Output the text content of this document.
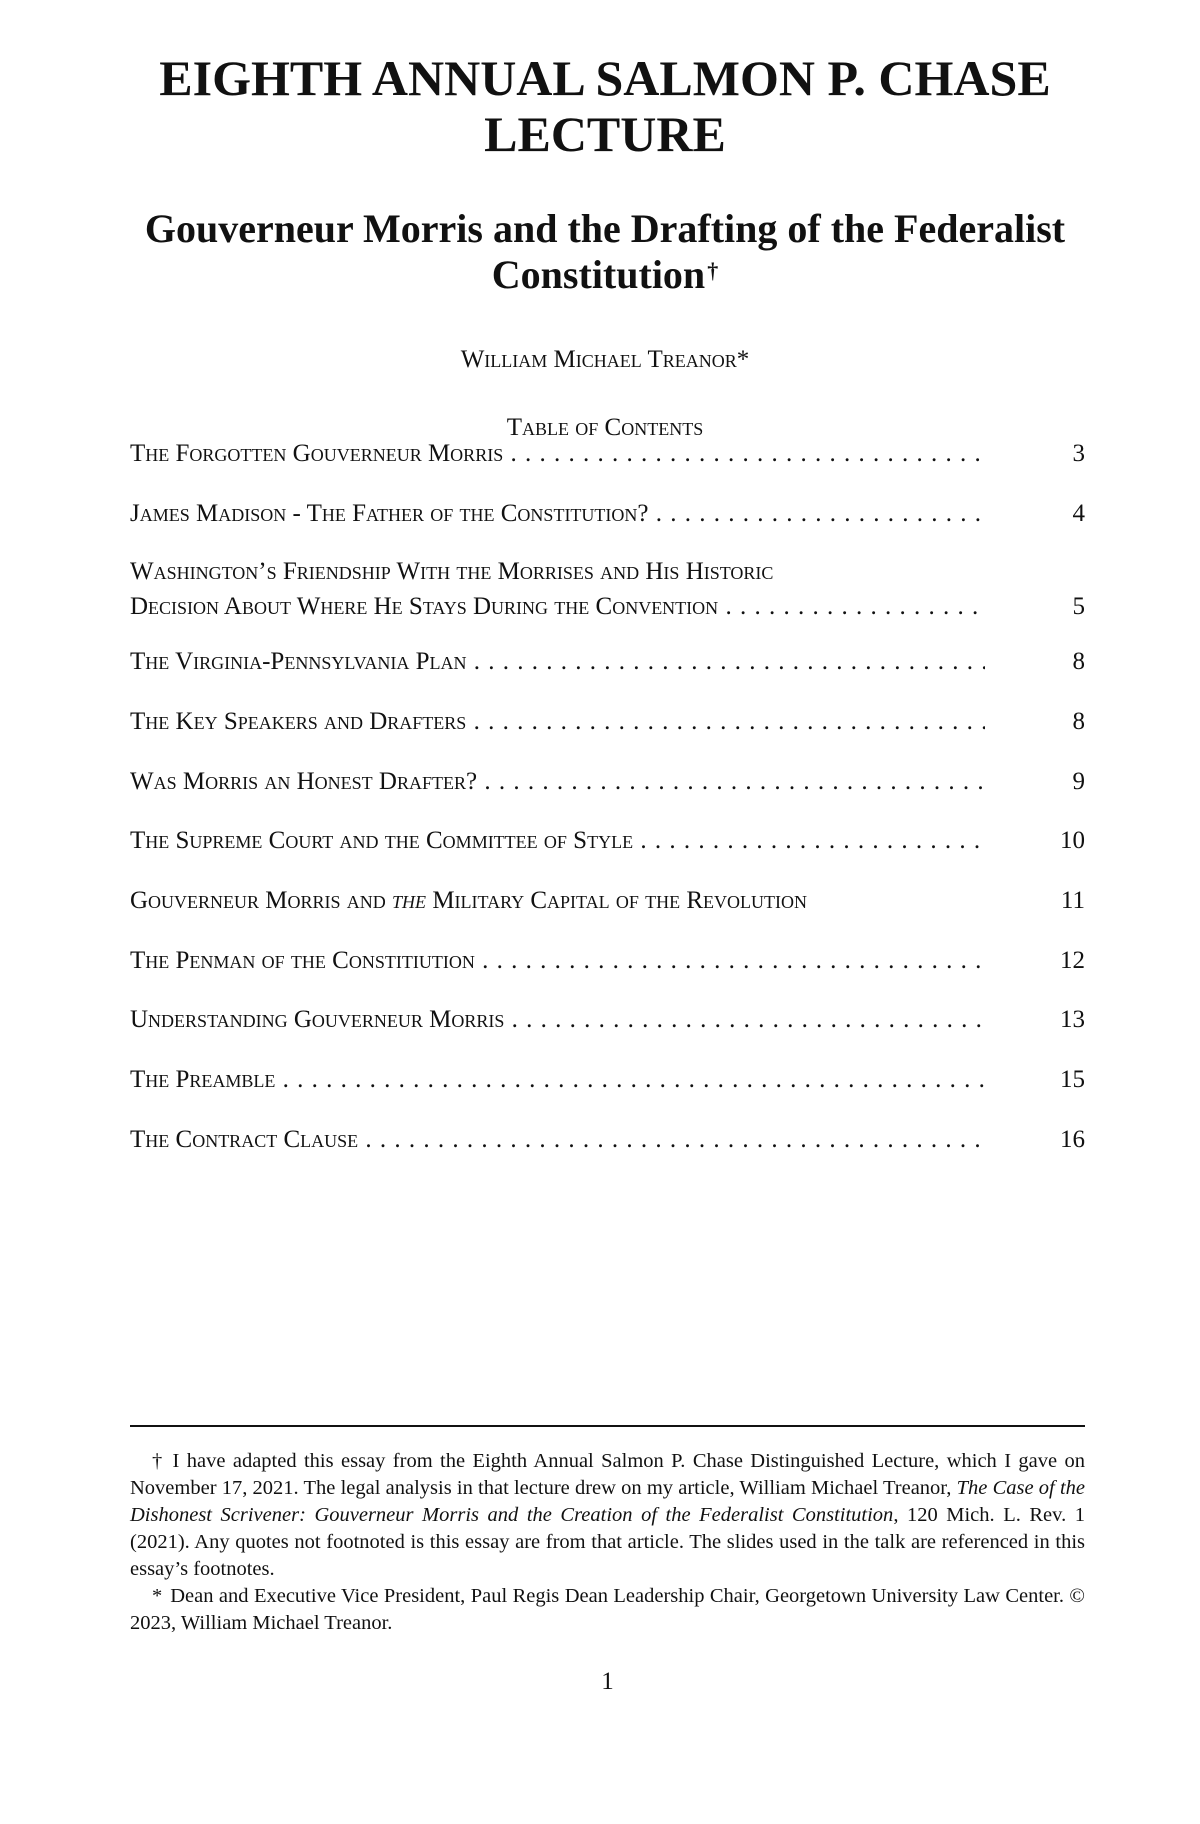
EIGHTH ANNUAL SALMON P. CHASE LECTURE
Gouverneur Morris and the Drafting of the Federalist Constitution†
William Michael Treanor*
Table of Contents
The Forgotten Gouverneur Morris . . .	3
James Madison - The Father of the Constitution? . . .	4
Washington’s Friendship With the Morrises and His Historic
Decision About Where He Stays During the Convention . . .	5
The Virginia-Pennsylvania Plan . . .	8
The Key Speakers and Drafters . . .	8
Was Morris an Honest Drafter? . . .	9
The Supreme Court and the Committee of Style . . .	10
Gouverneur Morris and the Military Capital of the Revolution	11
The Penman of the Constitiution . . .	12
Understanding Gouverneur Morris . . .	13
The Preamble . . .	15
The Contract Clause . . .	16

† I have adapted this essay from the Eighth Annual Salmon P. Chase Distinguished Lecture, which I gave on November 17, 2021. The legal analysis in that lecture drew on my article, William Michael Treanor, The Case of the Dishonest Scrivener: Gouverneur Morris and the Creation of the Federalist Constitution, 120 Mich. L. Rev. 1 (2021). Any quotes not footnoted is this essay are from that article. The slides used in the talk are referenced in this essay’s footnotes.

* Dean and Executive Vice President, Paul Regis Dean Leadership Chair, Georgetown University Law Center. © 2023, William Michael Treanor.

1
